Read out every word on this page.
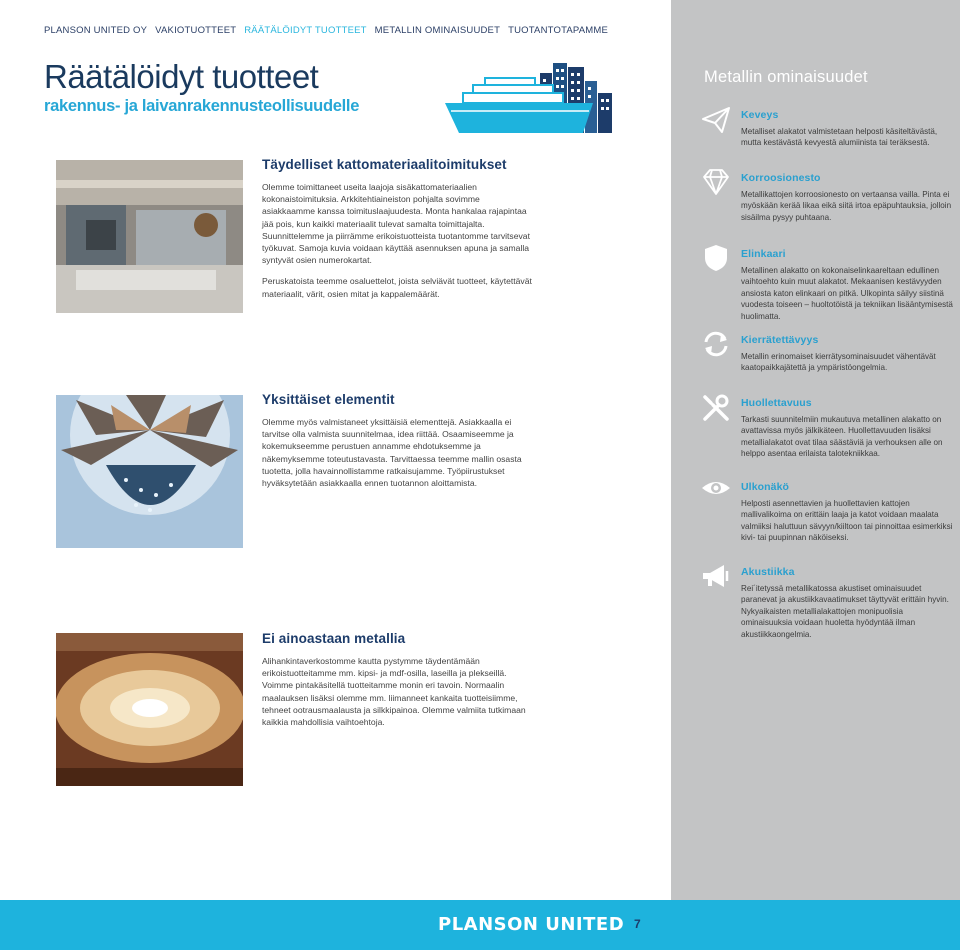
PLANSON UNITED OY VAKIOTUOTTEET RÄÄTÄLÖIDYT TUOTTEET METALLIN OMINAISUUDET TUOTANTOTAPAMME
Räätälöidyt tuotteet
rakennus- ja laivanrakennusteollisuudelle
Täydelliset kattomateriaalitoimitukset

Olemme toimittaneet useita laajoja sisäkattomateriaalien kokonaistoimituksia. Arkkitehtiaineiston pohjalta sovimme asiakkaamme kanssa toimituslaajuudesta. Monta hankalaa rajapintaa jää pois, kun kaikki materiaalit tulevat samalta toimittajalta. Suunnittelemme ja piirrämme erikoistuotteista tuotantomme tarvitsevat työkuvat. Samoja kuvia voidaan käyttää asennuksen apuna ja samalla syntyvät osien numerokartat.

Peruskatoista teemme osaluettelot, joista selviävät tuotteet, käytettävät materiaalit, värit, osien mitat ja kappalemäärät.

Yksittäiset elementit

Olemme myös valmistaneet yksittäisiä elementtejä. Asiakkaalla ei tarvitse olla valmista suunnitelmaa, idea riittää. Osaamiseemme ja kokemukseemme perustuen annamme ehdotuksemme ja näkemyksemme toteutustavasta. Tarvittaessa teemme mallin osasta tuotetta, jolla havainnollistamme ratkaisujamme. Työpiirustukset hyväksytetään asiakkaalla ennen tuotannon aloittamista.

Ei ainoastaan metallia

Alihankintaverkostomme kautta pystymme täydentämään erikoistuotteitamme mm. kipsi- ja mdf-osilla, laseilla ja plekseillä. Voimme pintakäsitellä tuotteitamme monin eri tavoin. Normaalin maalauksen lisäksi olemme mm. liimanneet kankaita tuotteisiimme, tehneet ootrausmaalausta ja silkkipainoa. Olemme valmiita tutkimaan kaikkia mahdollisia vaihtoehtoja.

Metallin ominaisuudet
Keveys

Metalliset alakatot valmistetaan helposti käsiteltävästä, mutta kestävästä kevyestä alumiinista tai teräksestä.

Korroosionesto

Metallikattojen korroosionesto on vertaansa vailla. Pinta ei myöskään kerää likaa eikä siitä irtoa epäpuhtauksia, jolloin sisäilma pysyy puhtaana.

Elinkaari

Metallinen alakatto on kokonaiselinkaareltaan edullinen vaihtoehto kuin muut alakatot. Mekaanisen kestävyyden ansiosta katon elinkaari on pitkä. Ulkopinta säilyy siistinä vuodesta toiseen – huoltotöistä ja tekniikan lisääntymisestä huolimatta.

Kierrätettävyys

Metallin erinomaiset kierrätysominaisuudet vähentävät kaatopaikkajätettä ja ympäristöongelmia.

Huollettavuus

Tarkasti suunnitelmiin mukautuva metallinen alakatto on avattavissa myös jälkikäteen. Huollettavuuden lisäksi metallialakatot ovat tilaa säästäviä ja verhouksen alle on helppo asentaa erilaista talotekniikkaa.

Ulkonäkö

Helposti asennettavien ja huollettavien kattojen mallivalikoima on erittäin laaja ja katot voidaan maalata valmiiksi haluttuun sävyyn/kiiltoon tai pinnoittaa esimerkiksi kivi- tai puupinnan näköiseksi.

Akustiikka

Rei´itetyssä metallikatossa akustiset ominaisuudet paranevat ja akustiikkavaatimukset täyttyvät erittäin hyvin. Nykyaikaisten metallialakattojen monipuolisia ominaisuuksia voidaan huoletta hyödyntää ilman akustiikkaongelmia.

PLANSON UNITED 7
